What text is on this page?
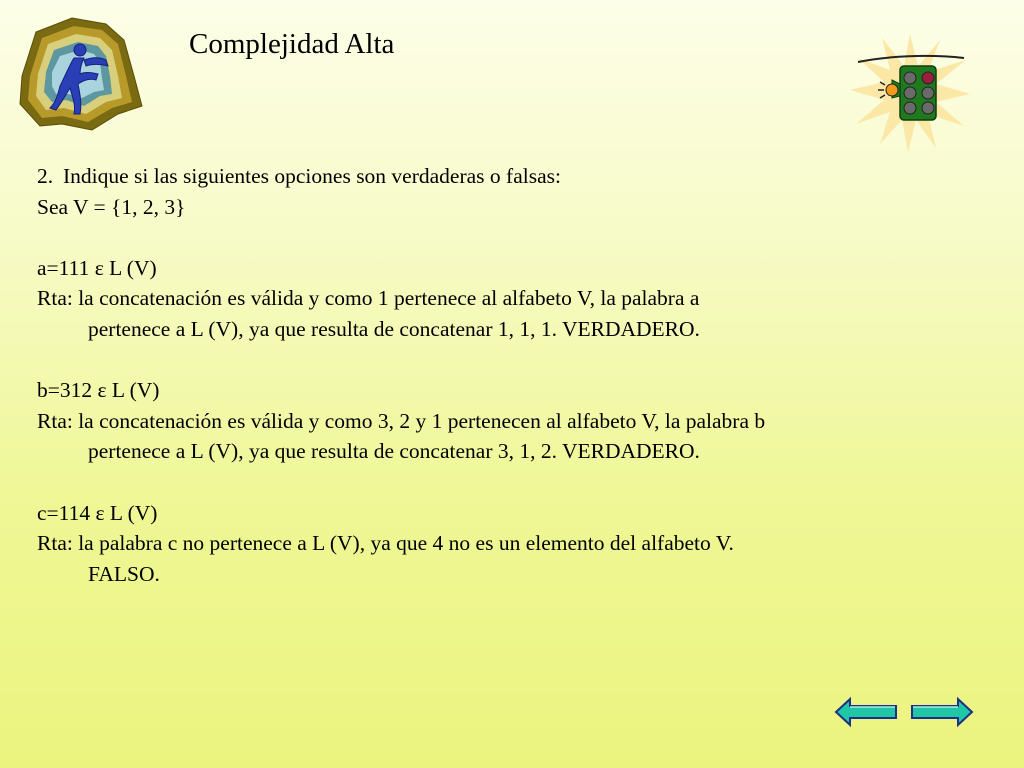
Complejidad Alta
2. Indique si las siguientes opciones son verdaderas o falsas:
Sea V = {1, 2, 3}
a=111 ε L (V)
Rta: la concatenación es válida y como 1 pertenece al alfabeto V, la palabra a
pertenece a L (V), ya que resulta de concatenar 1, 1, 1. VERDADERO.
b=312 ε L (V)
Rta: la concatenación es válida y como 3, 2 y 1 pertenecen al alfabeto V, la palabra b
pertenece a L (V), ya que resulta de concatenar 3, 1, 2. VERDADERO.
c=114 ε L (V)
Rta: la palabra c no pertenece a L (V), ya que 4 no es un elemento del alfabeto V.
FALSO.
